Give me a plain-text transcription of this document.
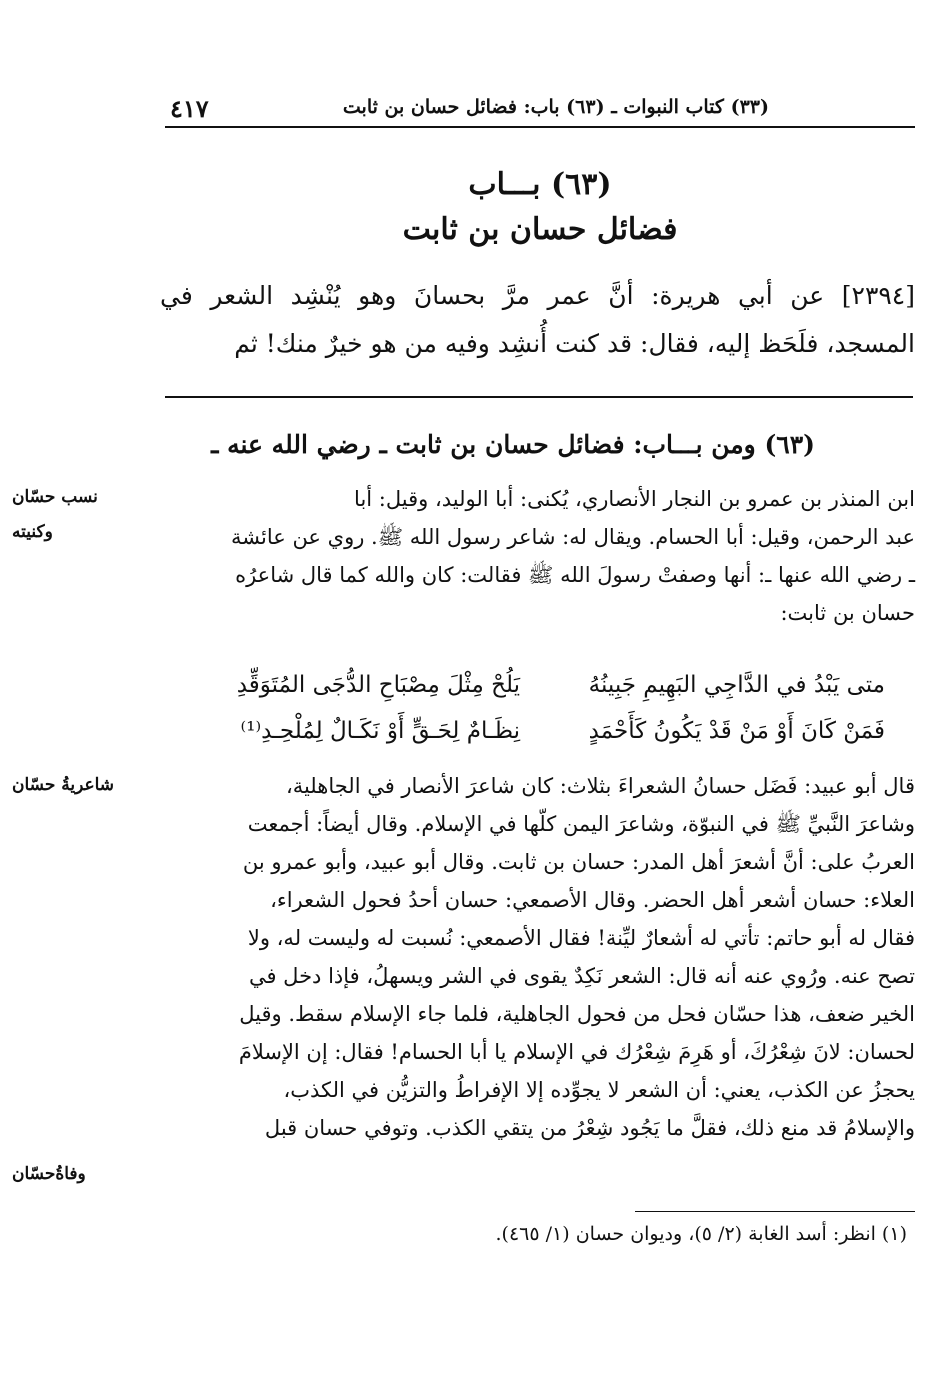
٤١٧	(٣٣) كتاب النبوات ـ (٦٣) باب: فضائل حسان بن ثابت
(٦٣) بـــاب
فضائل حسان بن ثابت

[٢٣٩٤] عن أبي هريرة: أنَّ عمر مرَّ بحسانَ وهو يُنْشِد الشعر في

المسجد، فلَحَظ إليه، فقال: قد كنت أُنشِد وفيه من هو خيرٌ منك! ثم

(٦٣) ومن بـــاب: فضائل حسان بن ثابت ـ رضي الله عنه ـ
نسب حسّان
وكنيته

ابن المنذر بن عمرو بن النجار الأنصاري، يُكنى: أبا الوليد، وقيل: أبا

عبد الرحمن، وقيل: أبا الحسام. ويقال له: شاعر رسول الله ﷺ. روي عن عائشة

ـ رضي الله عنها ـ: أنها وصفتْ رسولَ الله ﷺ فقالت: كان والله كما قال شاعرُه

حسان بن ثابت:

متى يَبْدُ في الدَّاجِي البَهِيمِ جَبِينُهُ
يَلُحْ مِثْلَ مِصْبَاحِ الدُّجَى المُتَوَقِّدِ
فَمَنْ كَانَ أَوْ مَنْ قَدْ يَكُونُ كَأَحْمَدٍ
نِظَـامٌ لِحَـقٍّ أَوْ نَكَـالٌ لِمُلْحِـدِ⁽¹⁾
شاعريةُ حسّان
وفاةُحسّان

قال أبو عبيد: فَضَل حسانُ الشعراءَ بثلاث: كان شاعرَ الأنصار في الجاهلية،

وشاعرَ النَّبيِّ ﷺ في النبوّة، وشاعرَ اليمن كلّها في الإسلام. وقال أيضاً: أجمعت

العربُ على: أنَّ أشعرَ أهل المدر: حسان بن ثابت. وقال أبو عبيد، وأبو عمرو بن

العلاء: حسان أشعر أهل الحضر. وقال الأصمعي: حسان أحدُ فحول الشعراء،

فقال له أبو حاتم: تأتي له أشعارٌ ليِّنة! فقال الأصمعي: نُسبت له وليست له، ولا

تصح عنه. ورُوي عنه أنه قال: الشعر نَكِدٌ يقوى في الشر ويسهلُ، فإذا دخل في

الخير ضعف، هذا حسّان فحل من فحول الجاهلية، فلما جاء الإسلام سقط. وقيل

لحسان: لانَ شِعْرُكَ، أو هَرِمَ شِعْرُك في الإسلام يا أبا الحسام! فقال: إن الإسلامَ

يحجزُ عن الكذب، يعني: أن الشعر لا يجوِّده إلا الإفراطُ والتزيُّن في الكذب،

والإسلامُ قد منع ذلك، فقلَّ ما يَجُود شِعْرُ من يتقي الكذب. وتوفي حسان قبل

(١) انظر: أسد الغابة (٢/ ٥)، وديوان حسان (١/ ٤٦٥).
